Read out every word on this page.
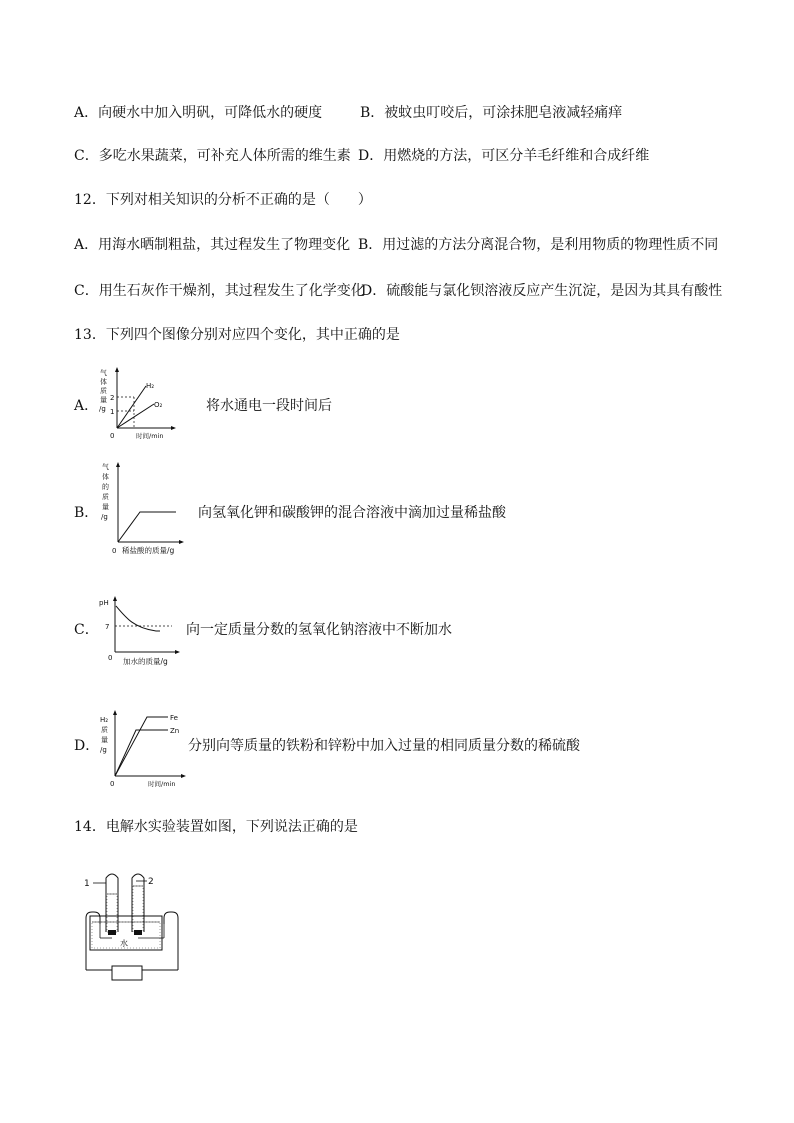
A．向硬水中加入明矾，可降低水的硬度	B．被蚊虫叮咬后，可涂抹肥皂液减轻痛痒
C．多吃水果蔬菜，可补充人体所需的维生素 D．用燃烧的方法，可区分羊毛纤维和合成纤维
12．下列对相关知识的分析不正确的是（　　）
A．用海水晒制粗盐，其过程发生了物理变化 B．用过滤的方法分离混合物，是利用物质的物理性质不同
C．用生石灰作干燥剂，其过程发生了化学变化
D．硫酸能与氯化钡溶液反应产生沉淀，是因为其具有酸性
13．下列四个图像分别对应四个变化，其中正确的是
A．
气
体
质
量
/g
0	时间/min
2
1
H₂
O₂	将水通电一段时间后
B．
气
体
的
质
量
/g
0 稀盐酸的质量/g
向氢氧化钾和碳酸钾的混合溶液中滴加过量稀盐酸
C．
pH
7
0 加水的质量/g
向一定质量分数的氢氧化钠溶液中不断加水
D．
H₂
质
量
/g
0	时间/min
Fe
Zn
分别向等质量的铁粉和锌粉中加入过量的相同质量分数的稀硫酸
14．电解水实验装置如图，下列说法正确的是
1	2
水
